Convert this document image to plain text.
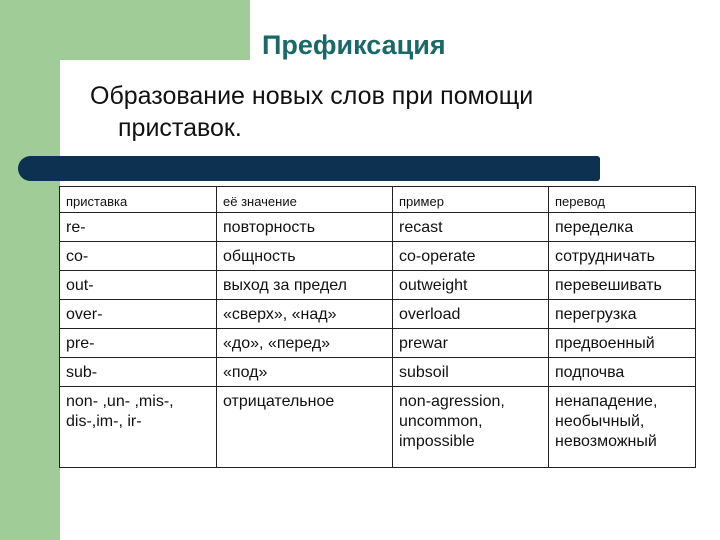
Префиксация
Образование новых слов при помощи
приставок.
приставка	её значение	пример	перевод
re-	повторность	recast	переделка
co-	общность	co-operate	сотрудничать
out-	выход за предел	outweight	перевешивать
over-	«сверх», «над»	overload	перегрузка
pre-	«до», «перед»	prewar	предвоенный
sub-	«под»	subsoil	подпочва
non- ,un- ,mis-, dis-,im-, ir-	отрицательное	non-agression, uncommon, impossible	ненападение, необычный, невозможный
